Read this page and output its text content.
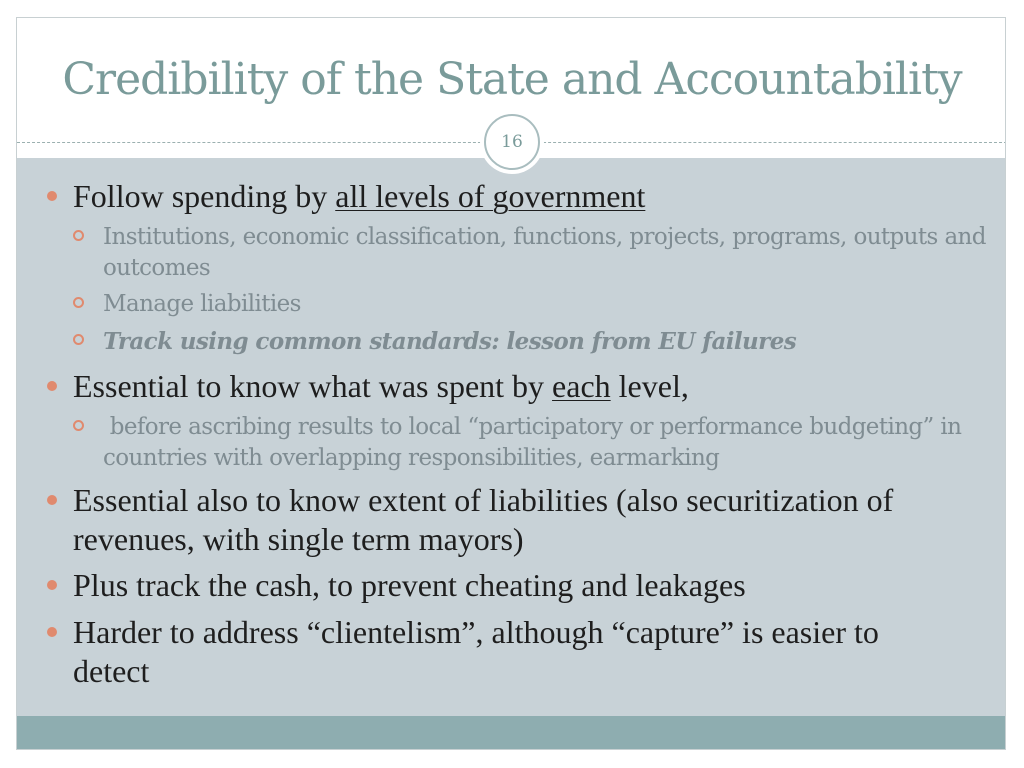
Credibility of the State and Accountability
16
Follow spending by all levels of government
Institutions, economic classification, functions, projects, programs, outputs and outcomes
Manage liabilities
Track using common standards: lesson from EU failures
Essential to know what was spent by each level,
before ascribing results to local “participatory or performance budgeting” in countries with overlapping responsibilities, earmarking
Essential also to know extent of liabilities (also securitization of revenues, with single term mayors)
Plus track the cash, to prevent cheating and leakages
Harder to address “clientelism”, although “capture” is easier to detect
